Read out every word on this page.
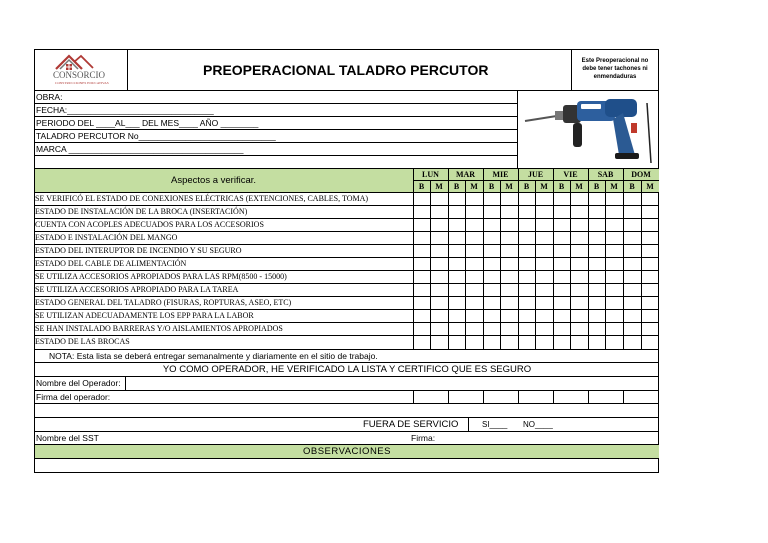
CONSORCIO
CONSTRUCCIONES EDUCATIVAS
PREOPERACIONAL TALADRO PERCUTOR
Este Preoperacional no
debe tener tachones ni
enmendaduras
OBRA:
FECHA:_______________________________
PERIODO DEL ____AL___ DEL MES____ AÑO ________
TALADRO PERCUTOR No_____________________________
MARCA _____________________________________
Aspectos a verificar.
LUN	MAR	MIE	JUE	VIE	SAB	DOM
B	M	B	M	B	M	B	M	B	M	B	M	B	M
SE VERIFICÓ EL ESTADO DE CONEXIONES ELÉCTRICAS (EXTENCIONES, CABLES, TOMA)
ESTADO DE INSTALACIÓN DE LA BROCA (INSERTACIÓN)
CUENTA CON ACOPLES ADECUADOS PARA LOS ACCESORIOS
ESTADO E INSTALACIÓN DEL MANGO
ESTADO DEL INTERUPTOR DE INCENDIO Y SU SEGURO
ESTADO DEL CABLE DE ALIMENTACIÓN
SE UTILIZA ACCESORIOS APROPIADOS PARA LAS RPM(8500 - 15000)
SE UTILIZA ACCESORIOS APROPIADO PARA LA TAREA
ESTADO GENERAL DEL TALADRO (FISURAS, ROPTURAS, ASEO, ETC)
SE UTILIZAN ADECUADAMENTE LOS EPP PARA LA LABOR
SE HAN INSTALADO BARRERAS Y/O AISLAMIENTOS APROPIADOS
ESTADO DE LAS BROCAS
NOTA: Esta lista se deberá entregar semanalmente y diariamente en el sitio de trabajo.
YO COMO OPERADOR, HE VERIFICADO LA LISTA Y CERTIFICO QUE ES SEGURO
Nombre del Operador:
Firma del operador:
FUERA DE SERVICIO	SI____ NO____
Nombre del SST	Firma:
OBSERVACIONES
